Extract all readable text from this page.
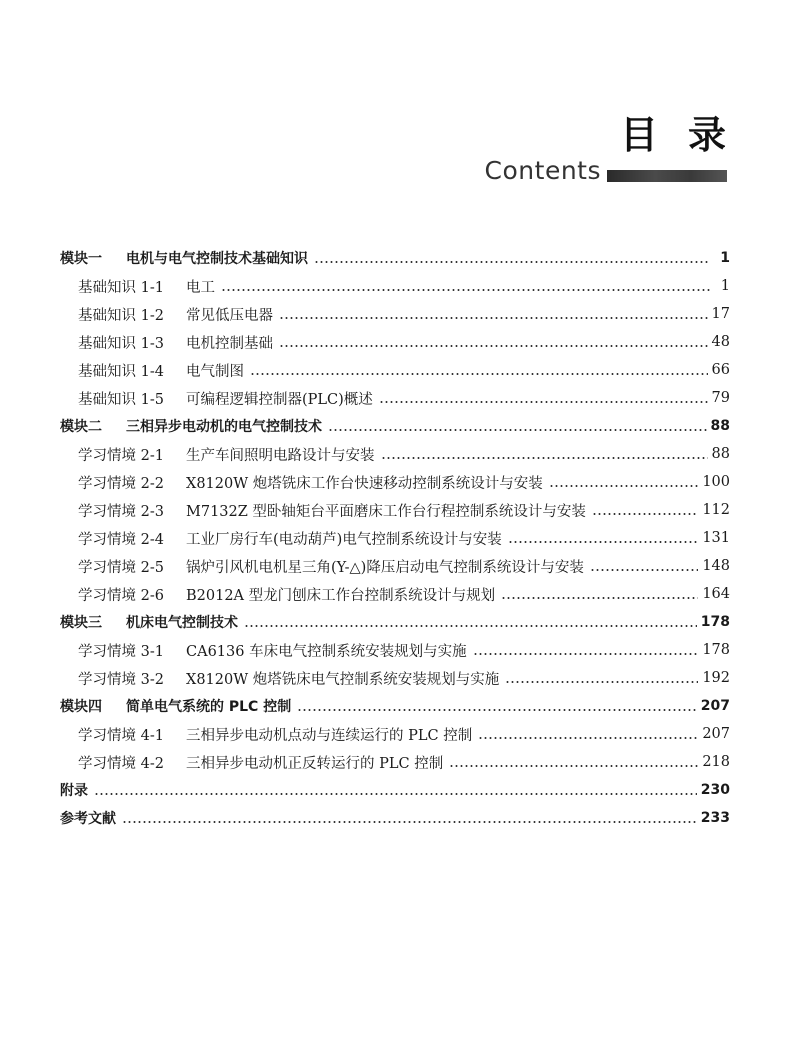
目录
Contents
模块一	电机与电气控制技术基础知识	1
基础知识 1-1	电工	1
基础知识 1-2	常见低压电器	17
基础知识 1-3	电机控制基础	48
基础知识 1-4	电气制图	66
基础知识 1-5	可编程逻辑控制器(PLC)概述	79
模块二	三相异步电动机的电气控制技术	88
学习情境 2-1	生产车间照明电路设计与安装	88
学习情境 2-2	X8120W 炮塔铣床工作台快速移动控制系统设计与安装	100
学习情境 2-3	M7132Z 型卧轴矩台平面磨床工作台行程控制系统设计与安装	112
学习情境 2-4	工业厂房行车(电动葫芦)电气控制系统设计与安装	131
学习情境 2-5	锅炉引风机电机星三角(Y-△)降压启动电气控制系统设计与安装	148
学习情境 2-6	B2012A 型龙门刨床工作台控制系统设计与规划	164
模块三	机床电气控制技术	178
学习情境 3-1	CA6136 车床电气控制系统安装规划与实施	178
学习情境 3-2	X8120W 炮塔铣床电气控制系统安装规划与实施	192
模块四	简单电气系统的 PLC 控制	207
学习情境 4-1	三相异步电动机点动与连续运行的 PLC 控制	207
学习情境 4-2	三相异步电动机正反转运行的 PLC 控制	218
附录	230
参考文献	233
